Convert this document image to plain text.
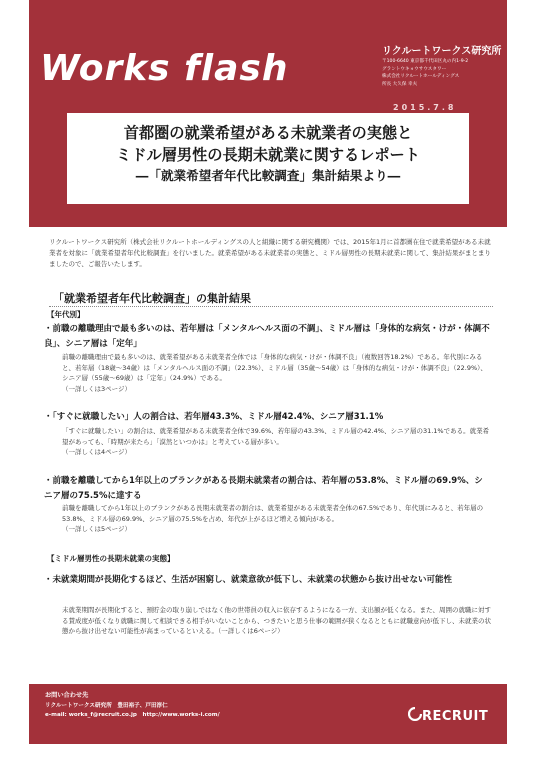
Works flash	リクルートワークス研究所
〒100-6640 東京都千代田区丸の内1-9-2
グラントウキョウサウスタワー
株式会社リクルートホールディングス
所長 大久保 幸夫
2015.7.8
首都圏の就業希望がある未就業者の実態と
ミドル層男性の長期未就業に関するレポート
―「就業希望者年代比較調査」集計結果より―
リクルートワークス研究所（株式会社リクルートホールディングスの人と組織に関する研究機関）では、2015年1月に首都圏在住で就業希望がある未就業者を対象に「就業希望者年代比較調査」を行いました。就業希望がある未就業者の実態と、ミドル層男性の長期未就業に関して、集計結果がまとまりましたので、ご報告いたします。
「就業希望者年代比較調査」の集計結果
【年代別】
・前職の離職理由で最も多いのは、若年層は「メンタルヘルス面の不調」、ミドル層は「身体的な病気・けが・体調不良」、シニア層は「定年」
前職の離職理由で最も多いのは、就業希望がある未就業者全体では「身体的な病気・けが・体調不良」（複数回答18.2%）である。年代別にみると、若年層（18歳～34歳）は「メンタルヘルス面の不調」（22.3%）、ミドル層（35歳～54歳）は「身体的な病気・けが・体調不良」（22.9%）、シニア層（55歳～69歳）は「定年」（24.9%）である。
（一詳しくは3ページ）
・「すぐに就職したい」人の割合は、若年層43.3%、ミドル層42.4%、シニア層31.1%
「すぐに就職したい」の割合は、就業希望がある未就業者全体で39.6%、若年層の43.3%、ミドル層の42.4%、シニア層の31.1%である。就業希望があっても、「時期が来たら」「漠然といつかは」と考えている層が多い。
（一詳しくは4ページ）
・前職を離職してから1年以上のブランクがある長期未就業者の割合は、若年層の53.8%、ミドル層の69.9%、シニア層の75.5%に達する
前職を離職してから1年以上のブランクがある長期未就業者の割合は、就業希望がある未就業者全体の67.5%であり、年代別にみると、若年層の53.8%、ミドル層の69.9%、シニア層の75.5%を占め、年代が上がるほど増える傾向がある。
（一詳しくは5ページ）
【ミドル層男性の長期未就業の実態】
・未就業期間が長期化するほど、生活が困窮し、就業意欲が低下し、未就業の状態から抜け出せない可能性
未就業期間が長期化すると、預貯金の取り崩しではなく他の世帯員の収入に依存するようになる一方、支出額が低くなる。また、周囲の就職に対する賛成度が低くなり就職に関して相談できる相手がいないことから、つきたいと思う仕事の範囲が狭くなるとともに就職意向が低下し、未就業の状態から抜け出せない可能性が高まっているといえる。（一詳しくは6ページ）
お問い合わせ先
リクルートワークス研究所　豊田裕子、戸田淳仁
e-mail: works_f@recruit.co.jp　http://www.works-i.com/	RECRUIT
